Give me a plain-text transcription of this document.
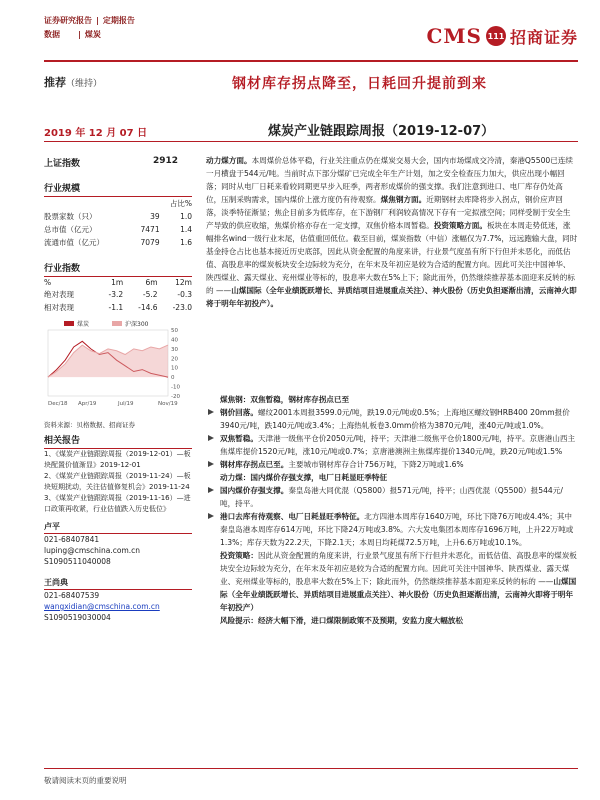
证券研究报告 | 定期报告
数据 | 煤炭	CMS 111 招商证券
推荐（维持）	钢材库存拐点降至，日耗回升提前到来
2019 年 12 月 07 日	煤炭产业链跟踪周报（2019-12-07）
上证指数	2912
行业规模
		占比%
股票家数（只）	39	1.0
总市值（亿元）	7471	1.4
流通市值（亿元）	7079	1.6
行业指数
%	1m	6m	12m
绝对表现	-3.2	-5.2	-0.3
相对表现	-1.1	-14.6	-23.0
煤炭	沪深300
50
40
30
20
10
0
-10
-20
Dec/18 Apr/19	Jul/19	Nov/19
资料来源：贝格数据、招商证券
相关报告
1、《煤炭产业链跟踪周报（2019-12-01）—板块配置价值渐显》2019-12-01
2、《煤炭产业链跟踪周报（2019-11-24）—板块短期扰动，关注估值修复机会》2019-11-24
3、《煤炭产业链跟踪周报（2019-11-16）—进口政策再收紧，行业估值跌入历史低位》
卢平
021-68407841
luping@cmschina.com.cn
S1090511040008
王尚典
021-68407539
wangxidian@cmschina.com.cn
S1090519030004

动力煤方面。本周煤价总体平稳，行业关注重点仍在煤炭交易大会，国内市场煤成交冷清，秦港Q5500已连续一月横盘于544元/吨。当前时点下部分煤矿已完成全年生产计划，加之安全检查压力加大，供应出现小幅回落；同时从电厂日耗来看较同期更早步入旺季，两者形成煤价的强支撑。我们注意到进口、电厂库存仍处高位，压制采购需求，国内煤价上涨方度仍有待观察。煤焦钢方面。近期钢材去库降将步入拐点，钢价应声回落，淡季特征渐显；焦企目前多为低库存，在下游钢厂利润较高情况下存有一定拟涨空间；同样受制于安全生产导致的供应收缩，焦煤价格亦存在一定支撑，双焦价格本周暂稳。投资策略方面。板块在本周走势低迷，涨幅排名wind一级行业末尾，估值重回低位。截至目前，煤炭指数（中信）涨幅仅为7.7%，远远跑输大盘，同时基金持仓占比也基本接近历史底部，因此从资金配置的角度来讲，行业景气度虽有所下行但并未恶化，而低估值、高股息率的煤炭板块安全边际较为充分，在年末及年初应是较为合适的配置方向。因此可关注中国神华、陕西煤业、露天煤业、兖州煤业等标的，股息率大数在5%上下；除此而外，仍然继续推荐基本面迎来反转的标的 ——山煤国际（全年业绩既跃增长、异质结项目进展重点关注）、神火股份（历史负担逐渐出清，云南神火即将于明年年初投产）。

煤焦钢：双焦暂稳，钢材库存拐点已至

钢价回落。螺纹2001本周报3599.0元/吨，跌19.0元/吨或0.5%；上海地区螺纹钢HRB400 20mm报价3940元/吨，跌140元/吨或3.4%；上海热轧板卷3.0mm价格为3870元/吨，涨40元/吨或1.0%。

双焦暂稳。天津港一级焦平仓价2050元/吨，持平；天津港二级焦平仓价1800元/吨，持平。京唐港山西主焦煤库提价1520元/吨，涨10元/吨或0.7%；京唐港澳洲主焦煤库提价1340元/吨，跌20元/吨或1.5%

钢材库存拐点已至。主要城市钢材库存合计756万吨，下降2万吨或1.6%

动力煤：国内煤价存强支撑，电厂日耗显旺季特征

国内煤价存强支撑。秦皇岛港大同优混（Q5800）报571元/吨，持平；山西优混（Q5500）报544元/吨，持平。

港口去库有待观察、电厂日耗显旺季特征。北方四港本周库存1640万吨，环比下降76万吨或4.4%；其中秦皇岛港本周库存614万吨，环比下降24万吨或3.8%。六大发电集团本周库存1696万吨，上升22万吨或1.3%；库存天数为22.2天，下降2.1天；本周日均耗煤72.5万吨，上升6.6万吨或10.1%。

投资策略：因此从资金配置的角度来讲，行业景气度虽有所下行但并未恶化，而低估值、高股息率的煤炭板块安全边际较为充分，在年末及年初应是较为合适的配置方向。因此可关注中国神华、陕西煤业、露天煤业、兖州煤业等标的，股息率大数在5%上下；除此而外，仍然继续推荐基本面迎来反转的标的 ——山煤国际（全年业绩既跃增长、异质结项目进展重点关注）、神火股份（历史负担逐渐出清，云南神火即将于明年年初投产）

风险提示：经济大幅下滑，进口煤限制政策不及预期，安监力度大幅放松

敬请阅读末页的重要说明
